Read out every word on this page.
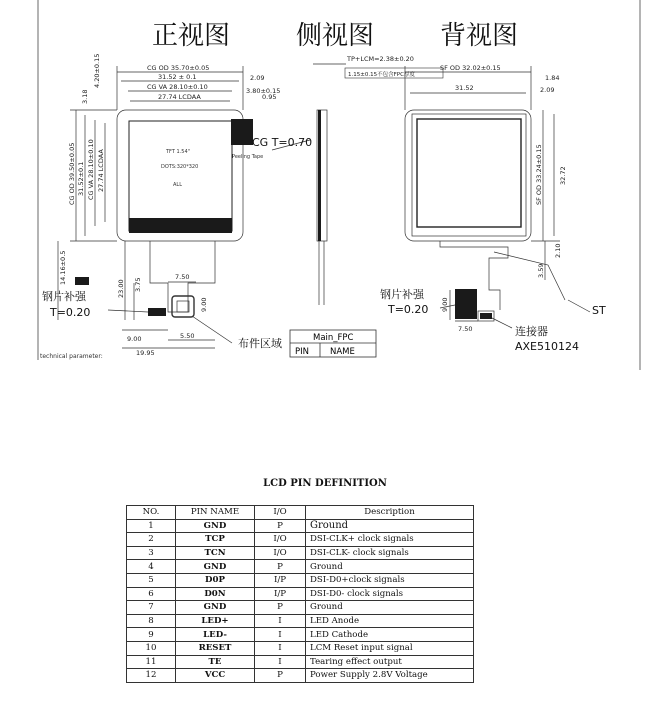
正视图	侧视图	背视图
TFT 1.54"
DOTS:320*320
ALL
Peeling Tape
CG OD 35.70±0.05
31.52 ± 0.1
CG VA 28.10±0.10
27.74 LCDAA
2.09
3.80±0.15
0.95
4.20±0.15
3.18
CG OD 39.50±0.05 31.52±0.1 CG VA 28.10±0.10 27.74 LCDAA
14.16±0.5
23.00 3.75
7.50
9.00
9.00	5.50
19.95
钢片补强
T=0.20
布件区域
technical parameter:
CG T=0.70
TP+LCM=2.38±0.20
1.15±0.15不包含FPC厚度
Main_FPC
PIN NAME
SF OD 32.02±0.15
31.52
1.84
2.09
SF OD 33.24±0.15 32.72
3.59
2.10
9.00
7.50
钢片补强
T=0.20
连接器
AXE510124
ST
LCD PIN DEFINITION
NO.	PIN NAME	I/O	Description
1	GND	P	Ground
2	TCP	I/O	DSI-CLK+ clock signals
3	TCN	I/O	DSI-CLK- clock signals
4	GND	P	Ground
5	D0P	I/P	DSI-D0+clock signals
6	D0N	I/P	DSI-D0- clock signals
7	GND	P	Ground
8	LED+	I	LED Anode
9	LED-	I	LED Cathode
10	RESET	I	LCM Reset input signal
11	TE	I	Tearing effect output
12	VCC	P	Power Supply 2.8V Voltage
